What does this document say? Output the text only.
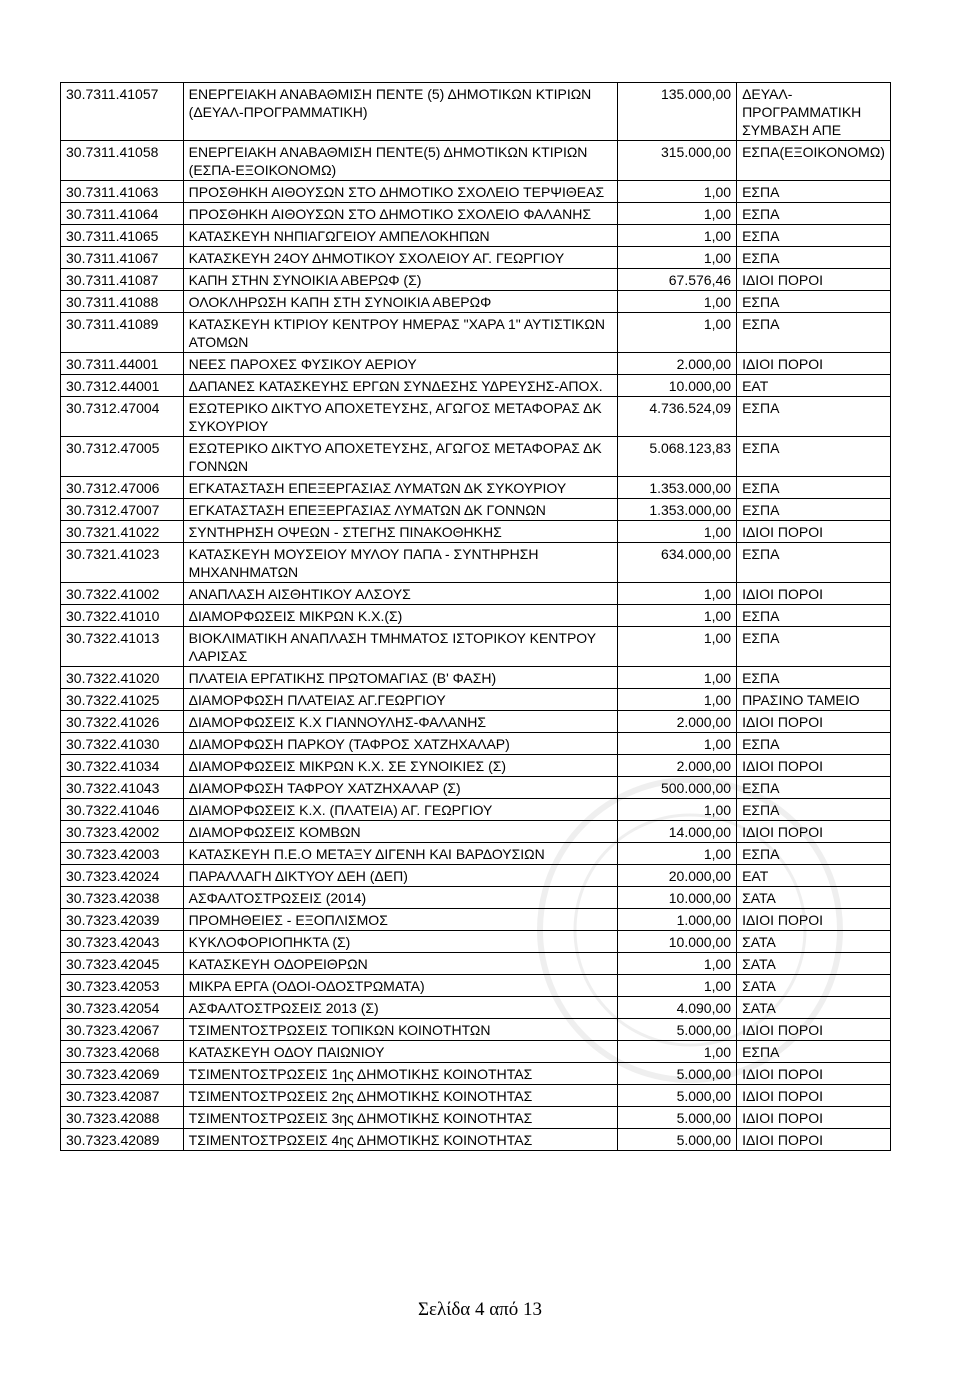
30.7311.41057	ΕΝΕΡΓΕΙΑΚΗ ΑΝΑΒΑΘΜΙΣΗ ΠΕΝΤΕ (5) ΔΗΜΟΤΙΚΩΝ ΚΤΙΡΙΩΝ (ΔΕΥΑΛ-ΠΡΟΓΡΑΜΜΑΤΙΚΗ)	135.000,00	ΔΕΥΑΛ-ΠΡΟΓΡΑΜΜΑΤΙΚΗ ΣΥΜΒΑΣΗ ΑΠΕ
30.7311.41058	ΕΝΕΡΓΕΙΑΚΗ ΑΝΑΒΑΘΜΙΣΗ ΠΕΝΤΕ(5) ΔΗΜΟΤΙΚΩΝ ΚΤΙΡΙΩΝ (ΕΣΠΑ-ΕΞΟΙΚΟΝΟΜΩ)	315.000,00	ΕΣΠΑ(ΕΞΟΙΚΟΝΟΜΩ)
30.7311.41063	ΠΡΟΣΘΗΚΗ ΑΙΘΟΥΣΩΝ ΣΤΟ ΔΗΜΟΤΙΚΟ ΣΧΟΛΕΙΟ ΤΕΡΨΙΘΕΑΣ	1,00	ΕΣΠΑ
30.7311.41064	ΠΡΟΣΘΗΚΗ ΑΙΘΟΥΣΩΝ ΣΤΟ ΔΗΜΟΤΙΚΟ ΣΧΟΛΕΙΟ ΦΑΛΑΝΗΣ	1,00	ΕΣΠΑ
30.7311.41065	ΚΑΤΑΣΚΕΥΗ ΝΗΠΙΑΓΩΓΕΙΟΥ ΑΜΠΕΛΟΚΗΠΩΝ	1,00	ΕΣΠΑ
30.7311.41067	ΚΑΤΑΣΚΕΥΗ 24ΟΥ ΔΗΜΟΤΙΚΟΥ ΣΧΟΛΕΙΟΥ ΑΓ. ΓΕΩΡΓΙΟΥ	1,00	ΕΣΠΑ
30.7311.41087	ΚΑΠΗ ΣΤΗΝ ΣΥΝΟΙΚΙΑ ΑΒΕΡΩΦ (Σ)	67.576,46	ΙΔΙΟΙ ΠΟΡΟΙ
30.7311.41088	ΟΛΟΚΛΗΡΩΣΗ ΚΑΠΗ ΣΤΗ ΣΥΝΟΙΚΙΑ ΑΒΕΡΩΦ	1,00	ΕΣΠΑ
30.7311.41089	ΚΑΤΑΣΚΕΥΗ ΚΤΙΡΙΟΥ ΚΕΝΤΡΟΥ ΗΜΕΡΑΣ "ΧΑΡΑ 1" ΑΥΤΙΣΤΙΚΩΝ ΑΤΟΜΩΝ	1,00	ΕΣΠΑ
30.7311.44001	ΝΕΕΣ ΠΑΡΟΧΕΣ ΦΥΣΙΚΟΥ ΑΕΡΙΟΥ	2.000,00	ΙΔΙΟΙ ΠΟΡΟΙ
30.7312.44001	ΔΑΠΑΝΕΣ ΚΑΤΑΣΚΕΥΗΣ ΕΡΓΩΝ ΣΥΝΔΕΣΗΣ ΥΔΡΕΥΣΗΣ-ΑΠΟΧ.	10.000,00	ΕΑΤ
30.7312.47004	ΕΣΩΤΕΡΙΚΟ ΔΙΚΤΥΟ ΑΠΟΧΕΤΕΥΣΗΣ, ΑΓΩΓΟΣ ΜΕΤΑΦΟΡΑΣ ΔΚ ΣΥΚΟΥΡΙΟΥ	4.736.524,09	ΕΣΠΑ
30.7312.47005	ΕΣΩΤΕΡΙΚΟ ΔΙΚΤΥΟ ΑΠΟΧΕΤΕΥΣΗΣ, ΑΓΩΓΟΣ ΜΕΤΑΦΟΡΑΣ ΔΚ ΓΟΝΝΩΝ	5.068.123,83	ΕΣΠΑ
30.7312.47006	ΕΓΚΑΤΑΣΤΑΣΗ ΕΠΕΞΕΡΓΑΣΙΑΣ ΛΥΜΑΤΩΝ ΔΚ ΣΥΚΟΥΡΙΟΥ	1.353.000,00	ΕΣΠΑ
30.7312.47007	ΕΓΚΑΤΑΣΤΑΣΗ ΕΠΕΞΕΡΓΑΣΙΑΣ ΛΥΜΑΤΩΝ ΔΚ ΓΟΝΝΩΝ	1.353.000,00	ΕΣΠΑ
30.7321.41022	ΣΥΝΤΗΡΗΣΗ ΟΨΕΩΝ - ΣΤΕΓΗΣ ΠΙΝΑΚΟΘΗΚΗΣ	1,00	ΙΔΙΟΙ ΠΟΡΟΙ
30.7321.41023	ΚΑΤΑΣΚΕΥΗ ΜΟΥΣΕΙΟΥ ΜΥΛΟΥ ΠΑΠΑ - ΣΥΝΤΗΡΗΣΗ ΜΗΧΑΝΗΜΑΤΩΝ	634.000,00	ΕΣΠΑ
30.7322.41002	ΑΝΑΠΛΑΣΗ ΑΙΣΘΗΤΙΚΟΥ ΑΛΣΟΥΣ	1,00	ΙΔΙΟΙ ΠΟΡΟΙ
30.7322.41010	ΔΙΑΜΟΡΦΩΣΕΙΣ ΜΙΚΡΩΝ Κ.Χ.(Σ)	1,00	ΕΣΠΑ
30.7322.41013	ΒΙΟΚΛΙΜΑΤΙΚΗ ΑΝΑΠΛΑΣΗ ΤΜΗΜΑΤΟΣ ΙΣΤΟΡΙΚΟΥ ΚΕΝΤΡΟΥ ΛΑΡΙΣΑΣ	1,00	ΕΣΠΑ
30.7322.41020	ΠΛΑΤΕΙΑ ΕΡΓΑΤΙΚΗΣ ΠΡΩΤΟΜΑΓΙΑΣ (Β' ΦΑΣΗ)	1,00	ΕΣΠΑ
30.7322.41025	ΔΙΑΜΟΡΦΩΣΗ ΠΛΑΤΕΙΑΣ ΑΓ.ΓΕΩΡΓΙΟΥ	1,00	ΠΡΑΣΙΝΟ ΤΑΜΕΙΟ
30.7322.41026	ΔΙΑΜΟΡΦΩΣΕΙΣ Κ.Χ ΓΙΑΝΝΟΥΛΗΣ-ΦΑΛΑΝΗΣ	2.000,00	ΙΔΙΟΙ ΠΟΡΟΙ
30.7322.41030	ΔΙΑΜΟΡΦΩΣΗ ΠΑΡΚΟΥ (ΤΑΦΡΟΣ ΧΑΤΖΗΧΑΛΑΡ)	1,00	ΕΣΠΑ
30.7322.41034	ΔΙΑΜΟΡΦΩΣΕΙΣ ΜΙΚΡΩΝ Κ.Χ. ΣΕ ΣΥΝΟΙΚΙΕΣ (Σ)	2.000,00	ΙΔΙΟΙ ΠΟΡΟΙ
30.7322.41043	ΔΙΑΜΟΡΦΩΣΗ ΤΑΦΡΟΥ ΧΑΤΖΗΧΑΛΑΡ (Σ)	500.000,00	ΕΣΠΑ
30.7322.41046	ΔΙΑΜΟΡΦΩΣΕΙΣ Κ.Χ. (ΠΛΑΤΕΙΑ) ΑΓ. ΓΕΩΡΓΙΟΥ	1,00	ΕΣΠΑ
30.7323.42002	ΔΙΑΜΟΡΦΩΣΕΙΣ ΚΟΜΒΩΝ	14.000,00	ΙΔΙΟΙ ΠΟΡΟΙ
30.7323.42003	ΚΑΤΑΣΚΕΥΗ Π.Ε.Ο ΜΕΤΑΞΥ ΔΙΓΕΝΗ ΚΑΙ ΒΑΡΔΟΥΣΙΩΝ	1,00	ΕΣΠΑ
30.7323.42024	ΠΑΡΑΛΛΑΓΗ ΔΙΚΤΥΟΥ ΔΕΗ (ΔΕΠ)	20.000,00	ΕΑΤ
30.7323.42038	ΑΣΦΑΛΤΟΣΤΡΩΣΕΙΣ (2014)	10.000,00	ΣΑΤΑ
30.7323.42039	ΠΡΟΜΗΘΕΙΕΣ - ΕΞΟΠΛΙΣΜΟΣ	1.000,00	ΙΔΙΟΙ ΠΟΡΟΙ
30.7323.42043	ΚΥΚΛΟΦΟΡΙΟΠΗΚΤΑ (Σ)	10.000,00	ΣΑΤΑ
30.7323.42045	ΚΑΤΑΣΚΕΥΗ ΟΔΟΡΕΙΘΡΩΝ	1,00	ΣΑΤΑ
30.7323.42053	ΜΙΚΡΑ ΕΡΓΑ (ΟΔΟΙ-ΟΔΟΣΤΡΩΜΑΤΑ)	1,00	ΣΑΤΑ
30.7323.42054	ΑΣΦΑΛΤΟΣΤΡΩΣΕΙΣ 2013 (Σ)	4.090,00	ΣΑΤΑ
30.7323.42067	ΤΣΙΜΕΝΤΟΣΤΡΩΣΕΙΣ ΤΟΠΙΚΩΝ ΚΟΙΝΟΤΗΤΩΝ	5.000,00	ΙΔΙΟΙ ΠΟΡΟΙ
30.7323.42068	ΚΑΤΑΣΚΕΥΗ ΟΔΟΥ ΠΑΙΩΝΙΟΥ	1,00	ΕΣΠΑ
30.7323.42069	ΤΣΙΜΕΝΤΟΣΤΡΩΣΕΙΣ 1ης ΔΗΜΟΤΙΚΗΣ ΚΟΙΝΟΤΗΤΑΣ	5.000,00	ΙΔΙΟΙ ΠΟΡΟΙ
30.7323.42087	ΤΣΙΜΕΝΤΟΣΤΡΩΣΕΙΣ 2ης ΔΗΜΟΤΙΚΗΣ ΚΟΙΝΟΤΗΤΑΣ	5.000,00	ΙΔΙΟΙ ΠΟΡΟΙ
30.7323.42088	ΤΣΙΜΕΝΤΟΣΤΡΩΣΕΙΣ 3ης ΔΗΜΟΤΙΚΗΣ ΚΟΙΝΟΤΗΤΑΣ	5.000,00	ΙΔΙΟΙ ΠΟΡΟΙ
30.7323.42089	ΤΣΙΜΕΝΤΟΣΤΡΩΣΕΙΣ 4ης ΔΗΜΟΤΙΚΗΣ ΚΟΙΝΟΤΗΤΑΣ	5.000,00	ΙΔΙΟΙ ΠΟΡΟΙ
Σελίδα 4 από 13
